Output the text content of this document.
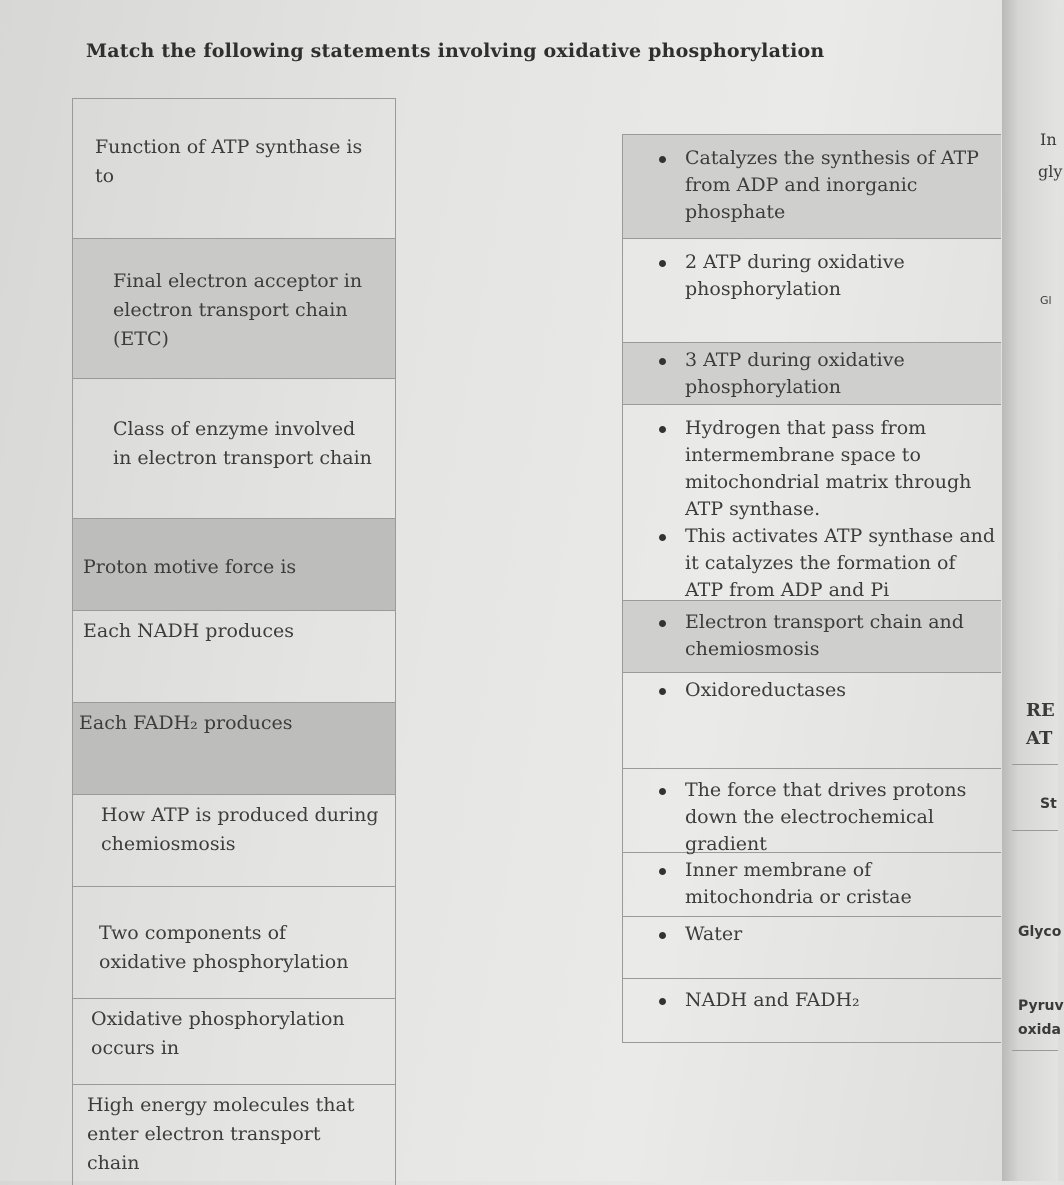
Match the following statements involving oxidative phosphorylation
Function of ATP synthase is to
Final electron acceptor in electron transport chain (ETC)
Class of enzyme involved in electron transport chain
Proton motive force is
Each NADH produces
Each FADH₂ produces
How ATP is produced during chemiosmosis
Two components of oxidative phosphorylation
Oxidative phosphorylation occurs in
High energy molecules that enter electron transport chain
Catalyzes the synthesis of ATP from ADP and inorganic phosphate
2 ATP during oxidative phosphorylation
3 ATP during oxidative phosphorylation
Hydrogen that pass from intermembrane space to mitochondrial matrix through ATP synthase.
This activates ATP synthase and it catalyzes the formation of ATP from ADP and Pi
Electron transport chain and chemiosmosis
Oxidoreductases
The force that drives protons down the electrochemical gradient
Inner membrane of mitochondria or cristae
Water
NADH and FADH₂
In
gly
Gl
RE
AT
St
Glyco
Pyruv
oxida
